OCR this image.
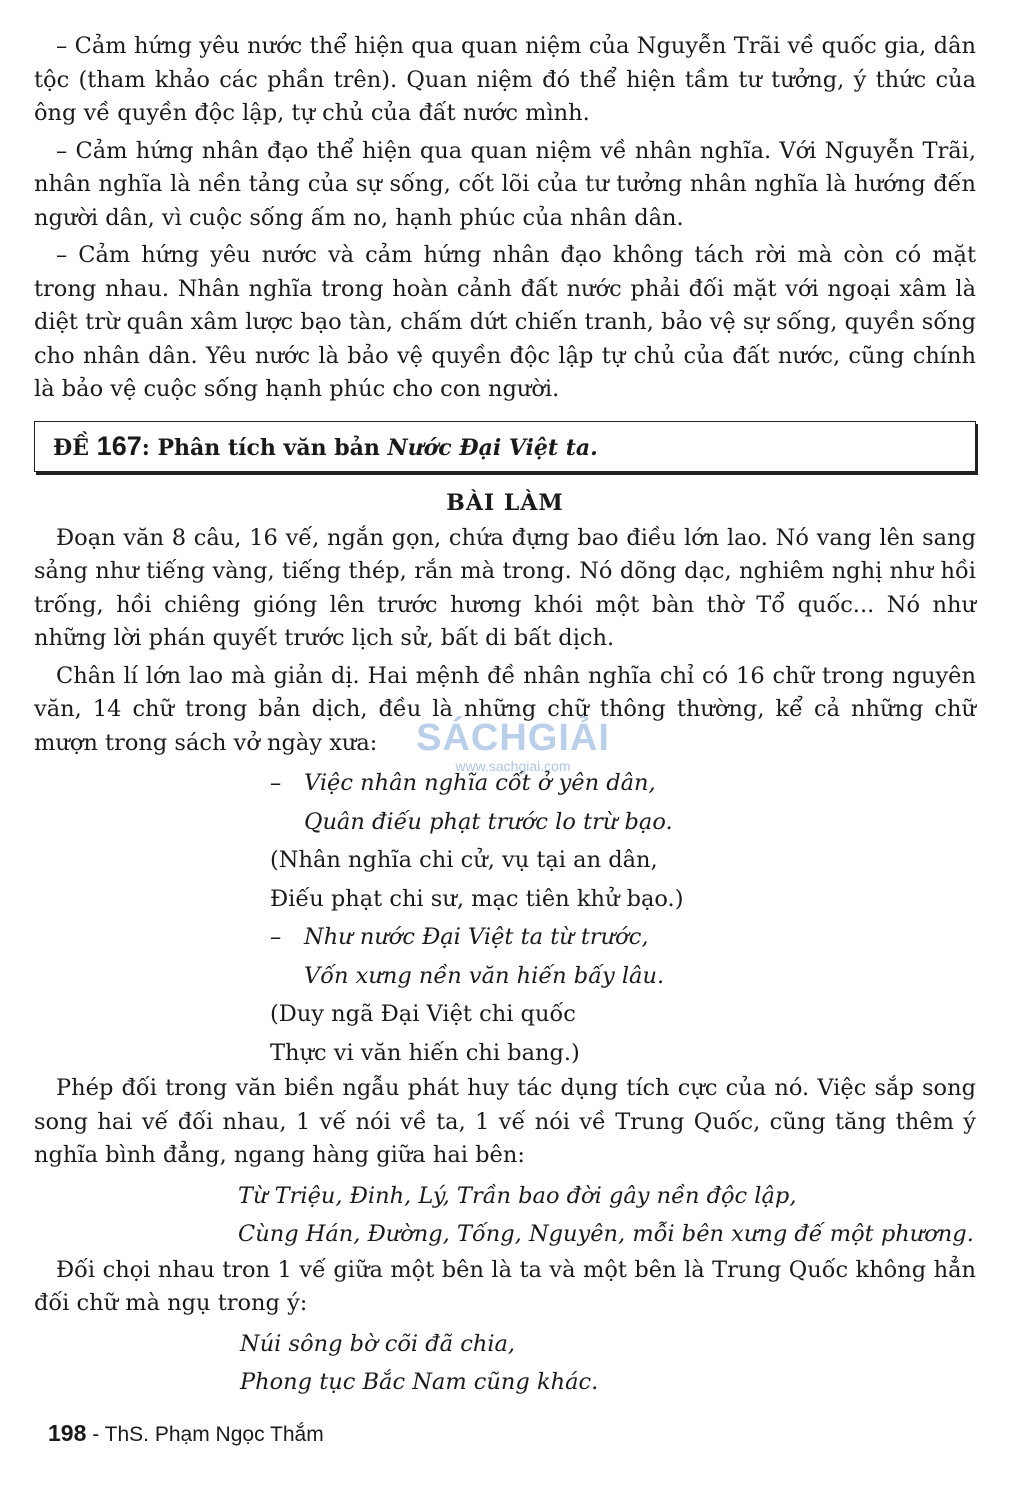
– Cảm hứng yêu nước thể hiện qua quan niệm của Nguyễn Trãi về quốc gia, dân tộc (tham khảo các phần trên). Quan niệm đó thể hiện tầm tư tưởng, ý thức của ông về quyền độc lập, tự chủ của đất nước mình.

– Cảm hứng nhân đạo thể hiện qua quan niệm về nhân nghĩa. Với Nguyễn Trãi, nhân nghĩa là nền tảng của sự sống, cốt lõi của tư tưởng nhân nghĩa là hướng đến người dân, vì cuộc sống ấm no, hạnh phúc của nhân dân.

– Cảm hứng yêu nước và cảm hứng nhân đạo không tách rời mà còn có mặt trong nhau. Nhân nghĩa trong hoàn cảnh đất nước phải đối mặt với ngoại xâm là diệt trừ quân xâm lược bạo tàn, chấm dứt chiến tranh, bảo vệ sự sống, quyền sống cho nhân dân. Yêu nước là bảo vệ quyền độc lập tự chủ của đất nước, cũng chính là bảo vệ cuộc sống hạnh phúc cho con người.

ĐỀ 167: Phân tích văn bản Nước Đại Việt ta.
BÀI LÀM

Đoạn văn 8 câu, 16 vế, ngắn gọn, chứa đựng bao điều lớn lao. Nó vang lên sang sảng như tiếng vàng, tiếng thép, rắn mà trong. Nó dõng dạc, nghiêm nghị như hồi trống, hồi chiêng gióng lên trước hương khói một bàn thờ Tổ quốc... Nó như những lời phán quyết trước lịch sử, bất di bất dịch.

Chân lí lớn lao mà giản dị. Hai mệnh đề nhân nghĩa chỉ có 16 chữ trong nguyên văn, 14 chữ trong bản dịch, đều là những chữ thông thường, kể cả những chữ mượn trong sách vở ngày xưa:

– Việc nhân nghĩa cốt ở yên dân,
Quân điếu phạt trước lo trừ bạo.
(Nhân nghĩa chi cử, vụ tại an dân,
Điếu phạt chi sư, mạc tiên khử bạo.)
– Như nước Đại Việt ta từ trước,
Vốn xưng nền văn hiến bấy lâu.
(Duy ngã Đại Việt chi quốc
Thực vi văn hiến chi bang.)

Phép đối trong văn biền ngẫu phát huy tác dụng tích cực của nó. Việc sắp song song hai vế đối nhau, 1 vế nói về ta, 1 vế nói về Trung Quốc, cũng tăng thêm ý nghĩa bình đẳng, ngang hàng giữa hai bên:

Từ Triệu, Đinh, Lý, Trần bao đời gây nền độc lập,
Cùng Hán, Đường, Tống, Nguyên, mỗi bên xưng đế một phương.

Đối chọi nhau tron 1 vế giữa một bên là ta và một bên là Trung Quốc không hẳn đối chữ mà ngụ trong ý:

Núi sông bờ cõi đã chia,
Phong tục Bắc Nam cũng khác.
SÁCHGIẢI
www.sachgiai.com
198 - ThS. Phạm Ngọc Thắm
